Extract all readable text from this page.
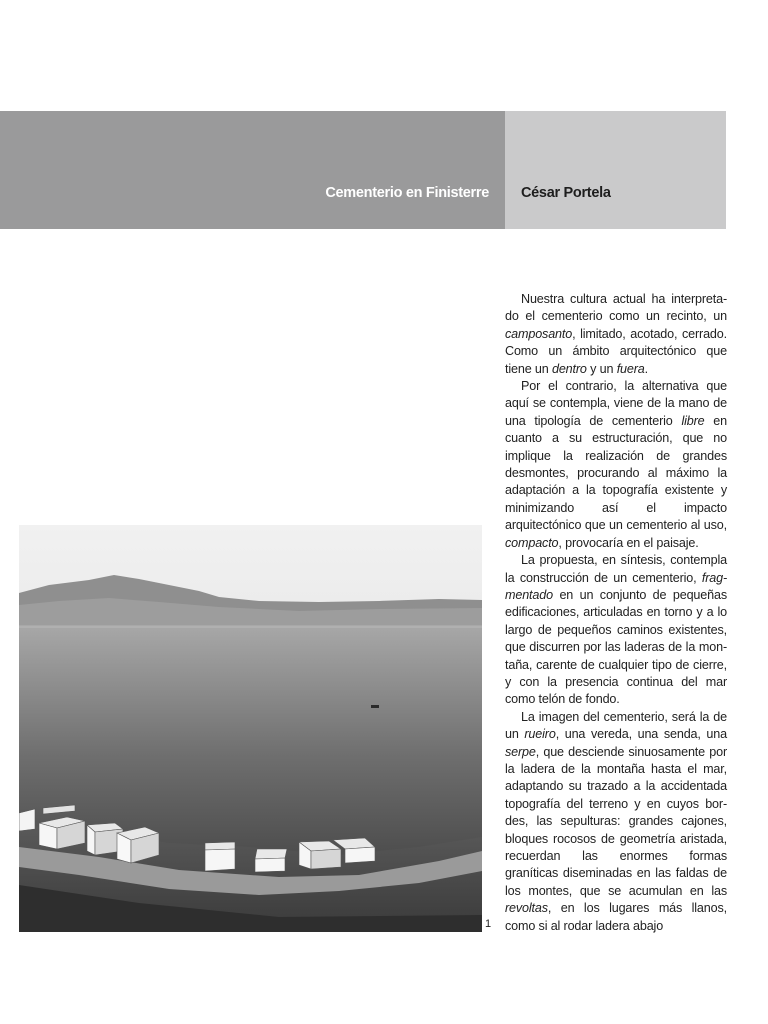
Cementerio en Finisterre César Portela
1

Nuestra cultura actual ha interpreta-do el cementerio como un recinto, un camposanto, limitado, acotado, cerrado. Como un ámbito arquitectónico que tiene un dentro y un fuera.

Por el contrario, la alternativa que aquí se contempla, viene de la mano de una tipología de cementerio libre en cuanto a su estructuración, que no implique la realización de grandes desmontes, procurando al máximo la adaptación a la topografía existente y minimizando así el impacto arquitectónico que un cementerio al uso, compacto, provocaría en el paisaje.

La propuesta, en síntesis, contempla la construcción de un cementerio, frag-mentado en un conjunto de pequeñas edificaciones, articuladas en torno y a lo largo de pequeños caminos existentes, que discurren por las laderas de la mon-taña, carente de cualquier tipo de cierre, y con la presencia continua del mar como telón de fondo.

La imagen del cementerio, será la de un rueiro, una vereda, una senda, una serpe, que desciende sinuosamente por la ladera de la montaña hasta el mar, adaptando su trazado a la accidentada topografía del terreno y en cuyos bor-des, las sepulturas: grandes cajones, bloques rocosos de geometría aristada, recuerdan las enormes formas graníticas diseminadas en las faldas de los montes, que se acumulan en las revoltas, en los lugares más llanos, como si al rodar ladera abajo
